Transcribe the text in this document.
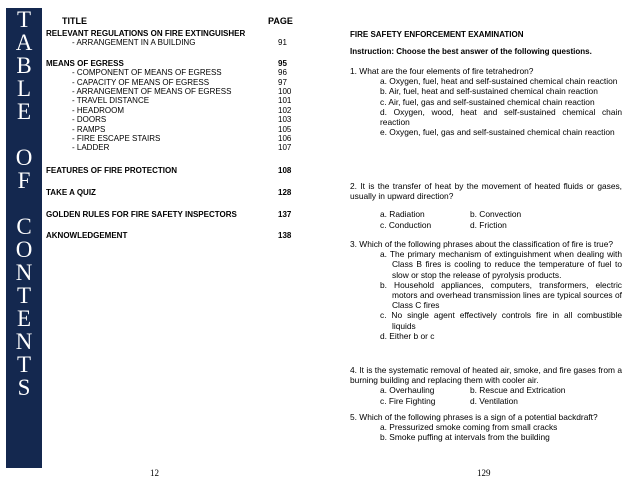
T
A
B
L
E
O
F
C
O
N
T
E
N
T
S
TITLE	PAGE
RELEVANT REGULATIONS ON FIRE EXTINGUISHER
- ARRANGEMENT IN A BUILDING	91
MEANS OF EGRESS	95
- COMPONENT OF MEANS OF EGRESS	96
- CAPACITY OF MEANS OF EGRESS	97
- ARRANGEMENT OF MEANS OF EGRESS	100
- TRAVEL DISTANCE	101
- HEADROOM	102
- DOORS	103
- RAMPS	105
- FIRE ESCAPE STAIRS	106
- LADDER	107
FEATURES OF FIRE PROTECTION	108
TAKE A QUIZ	128
GOLDEN RULES FOR FIRE SAFETY INSPECTORS	137
AKNOWLEDGEMENT	138
12
FIRE SAFETY ENFORCEMENT EXAMINATION
Instruction: Choose the best answer of the following questions.
1. What are the four elements of fire tetrahedron?
a. Oxygen, fuel, heat and self-sustained chemical chain reaction
b. Air, fuel, heat and self-sustained chemical chain reaction
c. Air, fuel, gas and self-sustained chemical chain reaction
d. Oxygen, wood, heat and self-sustained chemical chain reaction
e. Oxygen, fuel, gas and self-sustained chemical chain reaction
2. It is the transfer of heat by the movement of heated fluids or gases, usually in upward direction?
a. Radiation	b. Convection
c. Conduction	d. Friction
3. Which of the following phrases about the classification of fire is true?
a. The primary mechanism of extinguishment when dealing with Class B fires is cooling to reduce the temperature of fuel to slow or stop the release of pyrolysis products.
b. Household appliances, computers, transformers, electric motors and overhead transmission lines are typical sources of Class C fires
c. No single agent effectively controls fire in all combustible liquids
d. Either b or c
4. It is the systematic removal of heated air, smoke, and fire gases from a burning building and replacing them with cooler air.
a. Overhauling	b. Rescue and Extrication
c. Fire Fighting	d. Ventilation
5. Which of the following phrases is a sign of a potential backdraft?
a. Pressurized smoke coming from small cracks
b. Smoke puffing at intervals from the building
129
